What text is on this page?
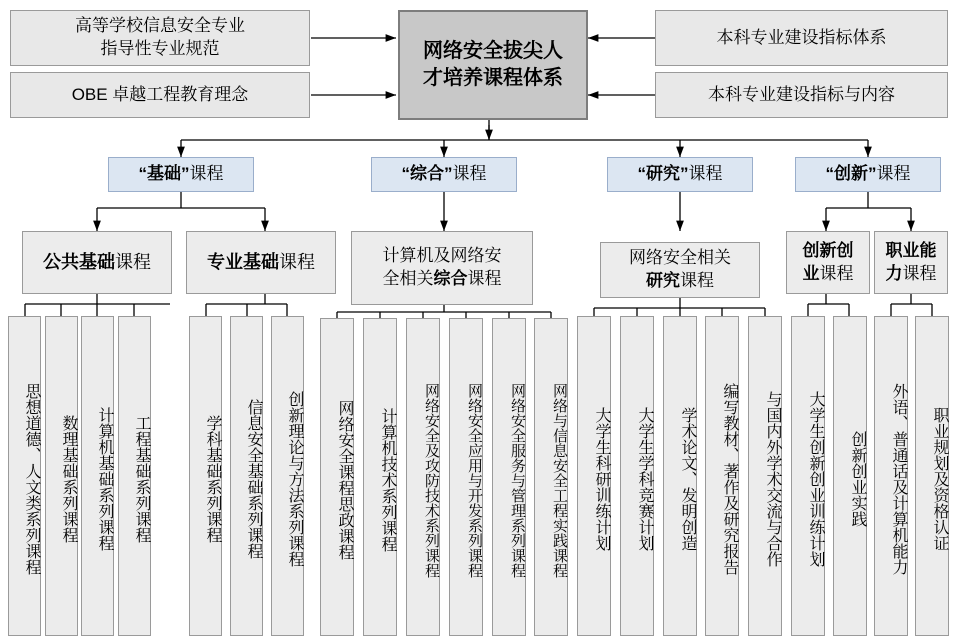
高等学校信息安全专业
指导性专业规范
OBE 卓越工程教育理念
网络安全拔尖人
才培养课程体系
本科专业建设指标体系
本科专业建设指标与内容
“基础” 课程	“综合” 课程	“研究” 课程	“创新” 课程
公共基础课程	专业基础课程	计算机及网络安
全相关综合课程
网络安全相关
研究课程
创新创
业课程
职业能
力课程
思想道德、人文类系列课程 数理基础系列课程 计算机基础系列课程 工程基础系列课程	学科基础系列课程 信息安全基础系列课程 创新理论与方法系列课程 网络安全课程思政课程 计算机技术系列课程 网络安全及攻防技术系列课程 网络安全应用与开发系列课程 网络安全服务与管理系列课程 网络与信息安全工程实践课程 大学生科研训练计划 大学生学科竞赛计划 学术论文、发明创造 编写教材、著作及研究报告 与国内外学术交流与合作 大学生创新创业训练计划 创新创业实践 外语、普通话及计算机能力 职业规划及资格认证
